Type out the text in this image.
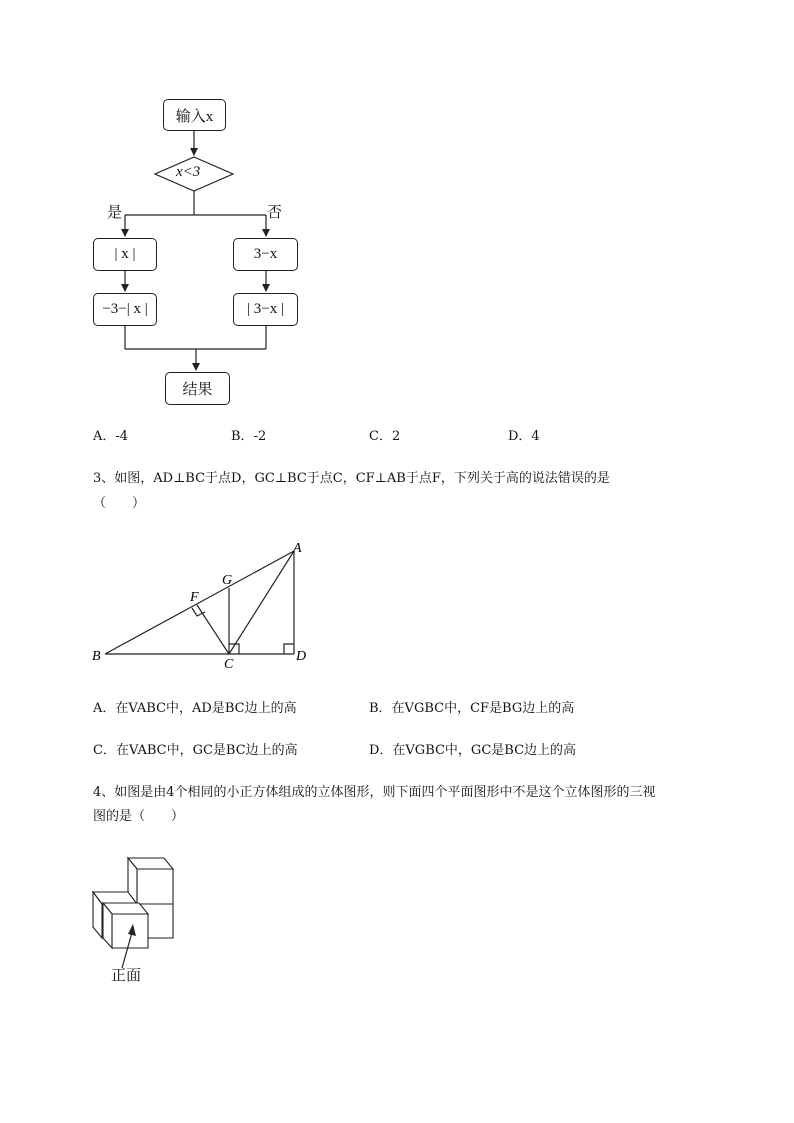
输入x
x<3
是	否
| x |	3−x
−3−| x |	| 3−x |
结果
A．-4	B．-2	C．2	D．4
3、如图，AD⊥BC于点D，GC⊥BC于点C，CF⊥AB于点F，下列关于高的说法错误的是
（　　）
A
B
C
D
F
G
A．在VABC中，AD是BC边上的高	B．在VGBC中，CF是BG边上的高
C．在VABC中，GC是BC边上的高	D．在VGBC中，GC是BC边上的高
4、如图是由4个相同的小正方体组成的立体图形，则下面四个平面图形中不是这个立体图形的三视
图的是（　　）
正面
